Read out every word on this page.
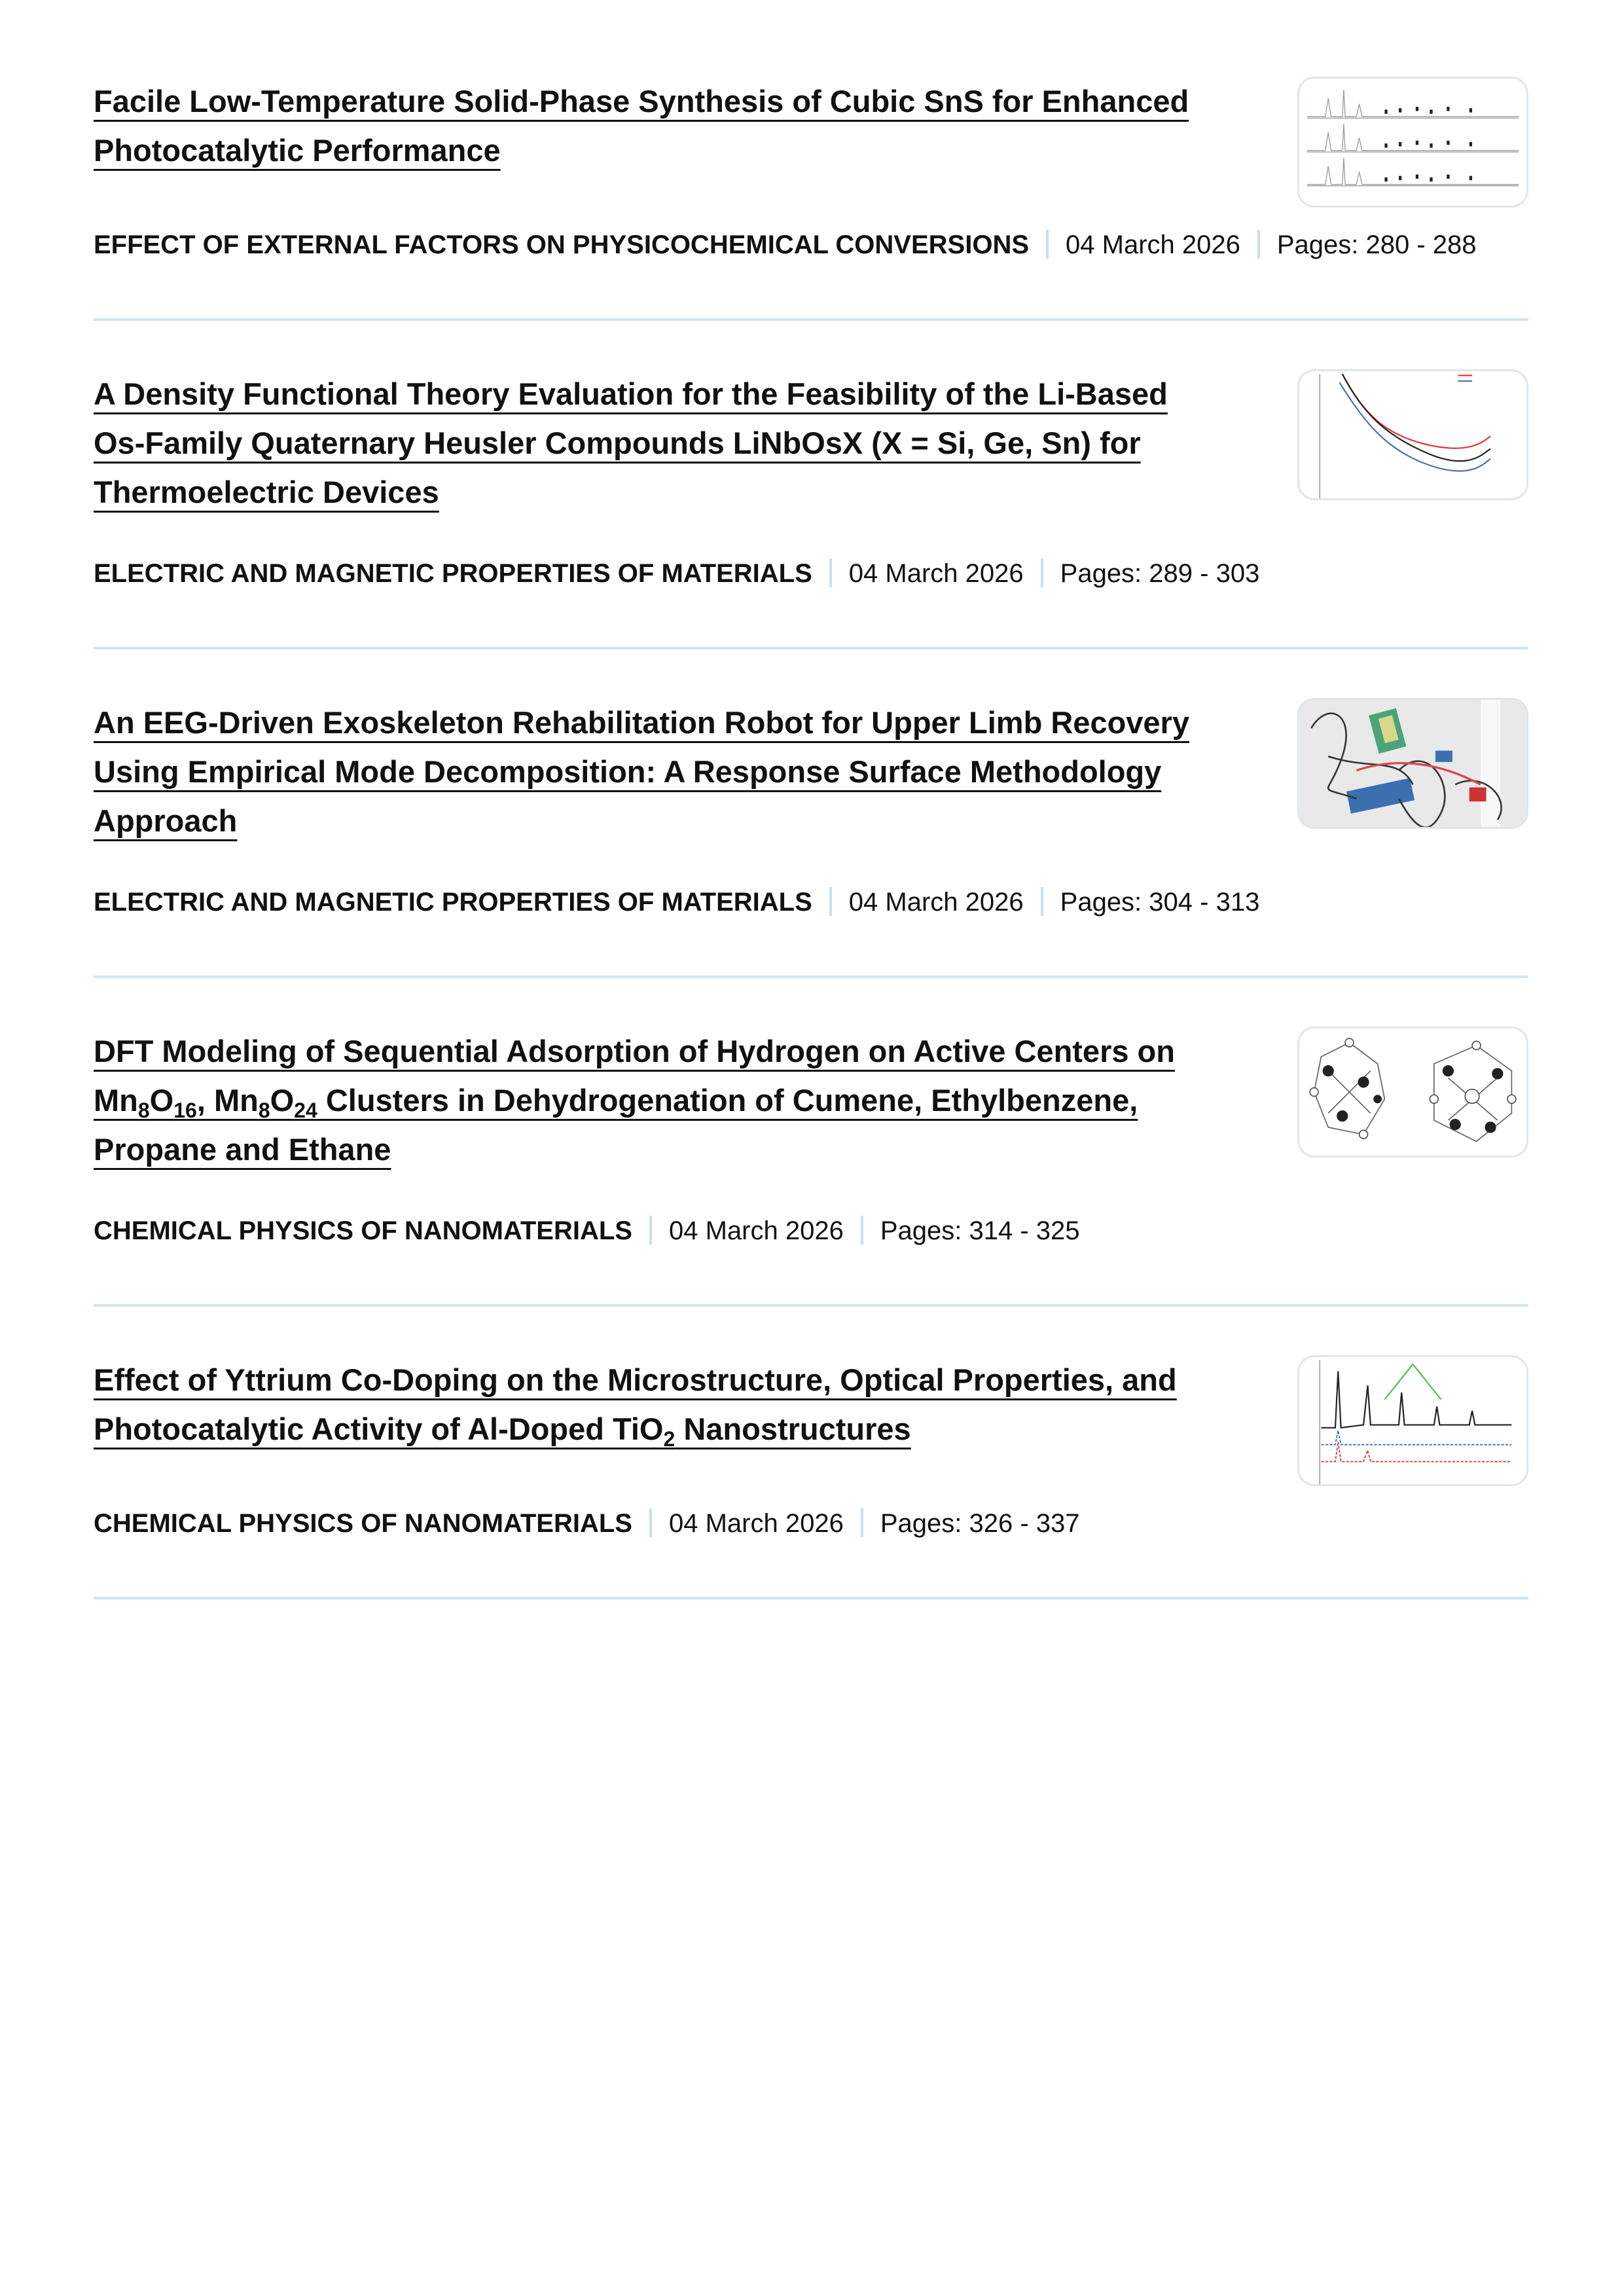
Facile Low-Temperature Solid-Phase Synthesis of Cubic SnS for Enhanced Photocatalytic Performance
EFFECT OF EXTERNAL FACTORS ON PHYSICOCHEMICAL CONVERSIONS 04 March 2026 Pages: 280 - 288
A Density Functional Theory Evaluation for the Feasibility of the Li-Based Os-Family Quaternary Heusler Compounds LiNbOsX (X = Si, Ge, Sn) for Thermoelectric Devices
ELECTRIC AND MAGNETIC PROPERTIES OF MATERIALS 04 March 2026 Pages: 289 - 303
An EEG-Driven Exoskeleton Rehabilitation Robot for Upper Limb Recovery Using Empirical Mode Decomposition: A Response Surface Methodology Approach
ELECTRIC AND MAGNETIC PROPERTIES OF MATERIALS 04 March 2026 Pages: 304 - 313
DFT Modeling of Sequential Adsorption of Hydrogen on Active Centers on $Mn_8O_{16}$, $Mn_8O_{24}$ Clusters in Dehydrogenation of Cumene, Ethylbenzene, Propane and Ethane
CHEMICAL PHYSICS OF NANOMATERIALS 04 March 2026 Pages: 314 - 325
Effect of Yttrium Co-Doping on the Microstructure, Optical Properties, and Photocatalytic Activity of Al-Doped TiO$_2$ Nanostructures
CHEMICAL PHYSICS OF NANOMATERIALS 04 March 2026 Pages: 326 - 337
